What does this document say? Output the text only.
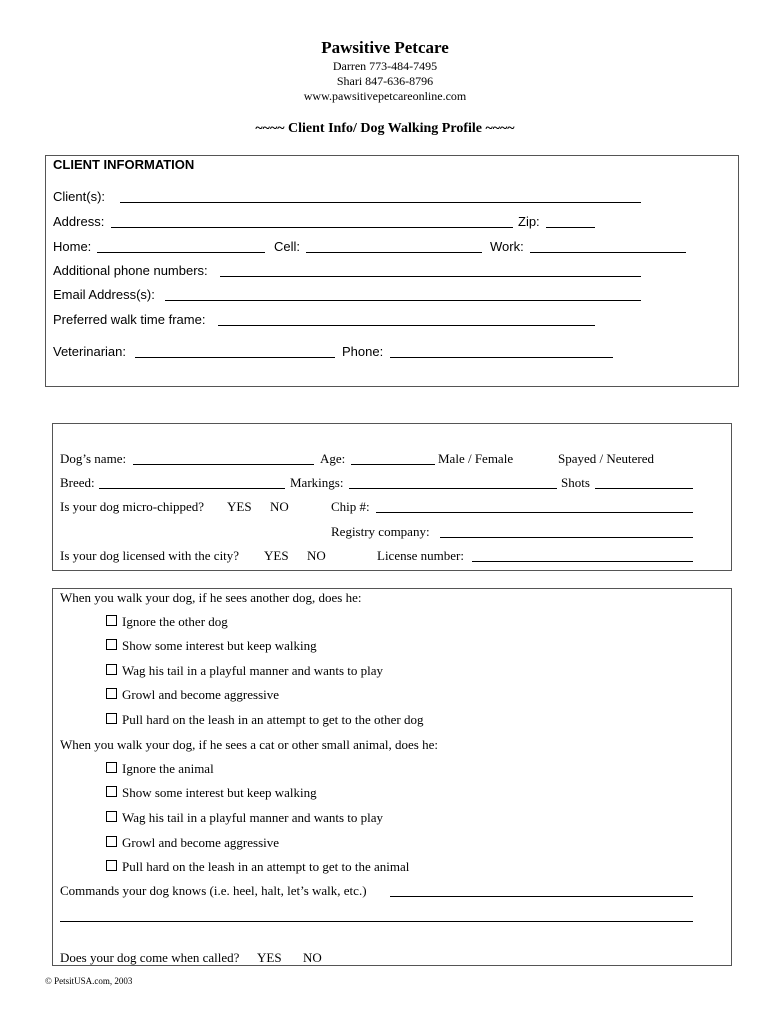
Pawsitive Petcare
Darren 773-484-7495
Shari 847-636-8796
www.pawsitivepetcareonline.com
~~~~ Client Info/ Dog Walking Profile ~~~~
CLIENT INFORMATION
Client(s):
Address:	Zip:
Home:	Cell:	Work:
Additional phone numbers:
Email Address(s):
Preferred walk time frame:
Veterinarian:	Phone:
Dog’s name:	Age:	Male / Female	Spayed / Neutered
Breed:	Markings:	Shots
Is your dog micro-chipped? YES NO	Chip #:
Registry company:
Is your dog licensed with the city? YES NO	License number:
When you walk your dog, if he sees another dog, does he:
Ignore the other dog
Show some interest but keep walking
Wag his tail in a playful manner and wants to play
Growl and become aggressive
Pull hard on the leash in an attempt to get to the other dog
When you walk your dog, if he sees a cat or other small animal, does he:
Ignore the animal
Show some interest but keep walking
Wag his tail in a playful manner and wants to play
Growl and become aggressive
Pull hard on the leash in an attempt to get to the animal
Commands your dog knows (i.e. heel, halt, let’s walk, etc.)
Does your dog come when called? YES NO
© PetsitUSA.com, 2003
